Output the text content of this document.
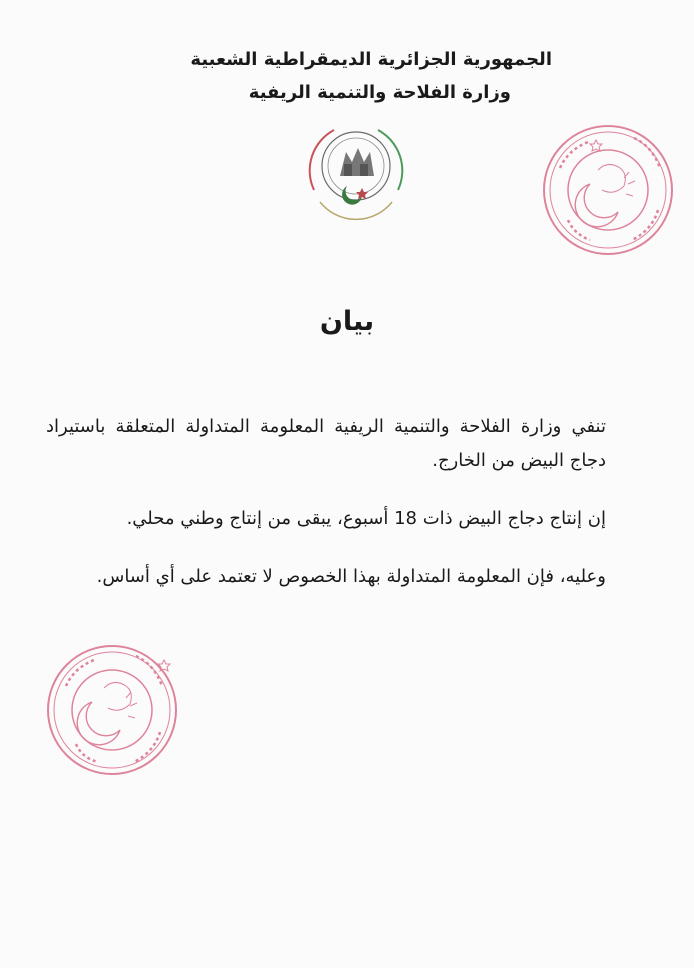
الجمهورية الجزائرية الديمقراطية الشعبية
وزارة الفلاحة والتنمية الريفية
بيان

تنفي وزارة الفلاحة والتنمية الريفية المعلومة المتداولة المتعلقة باستيراد دجاج البيض من الخارج.

إن إنتاج دجاج البيض ذات 18 أسبوع، يبقى من إنتاج وطني محلي.

وعليه، فإن المعلومة المتداولة بهذا الخصوص لا تعتمد على أي أساس.
